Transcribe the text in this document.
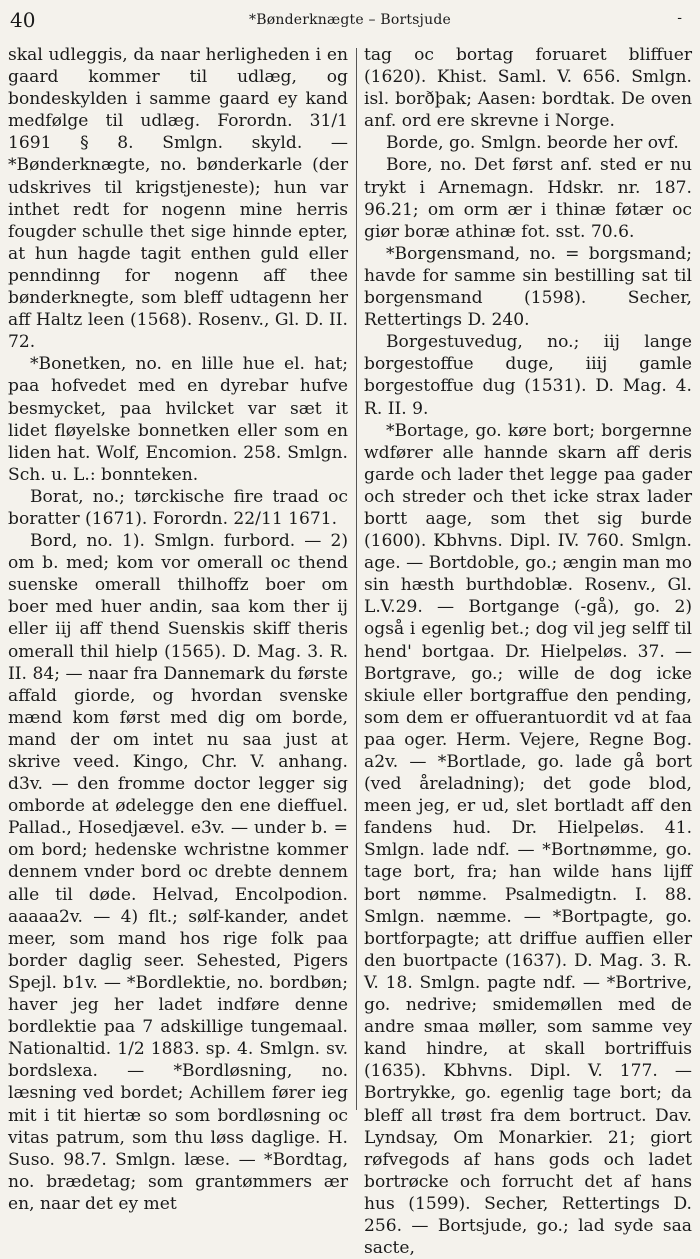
40	*Bønderknægte – Bortsjude	-

skal udleggis, da naar herligheden i en gaard kommer til udlæg, og bondeskylden i samme gaard ey kand medfølge til udlæg. Forordn. 31/1 1691 § 8. Smlgn. skyld. — *Bønderknægte, no. bønderkarle (der udskrives til krigstjeneste); hun var inthet redt for nogenn mine herris fougder schulle thet sige hinnde epter, at hun hagde tagit enthen guld eller penndinng for nogenn aff thee bønderknegte, som bleff udtagenn her aff Haltz leen (1568). Rosenv., Gl. D. II. 72.

*Bonetken, no. en lille hue el. hat; paa hofvedet med en dyrebar hufve besmycket, paa hvilcket var sæt it lidet fløyelske bonnetken eller som en liden hat. Wolf, Encomion. 258. Smlgn. Sch. u. L.: bonnteken.

Borat, no.; tørckische fire traad oc boratter (1671). Forordn. 22/11 1671.

Bord, no. 1). Smlgn. furbord. — 2) om b. med; kom vor omerall oc thend suenske omerall thilhoffz boer om boer med huer andin, saa kom ther ij eller iij aff thend Suenskis skiff theris omerall thil hielp (1565). D. Mag. 3. R. II. 84; — naar fra Dannemark du første affald giorde, og hvordan svenske mænd kom først med dig om borde, mand der om intet nu saa just at skrive veed. Kingo, Chr. V. anhang. d3v. — den fromme doctor legger sig omborde at ødelegge den ene dieffuel. Pallad., Hosedjævel. e3v. — under b. = om bord; hedenske wchristne kommer dennem vnder bord oc drebte dennem alle til døde. Helvad, Encolpodion. aaaaa2v. — 4) flt.; sølf-kander, andet meer, som mand hos rige folk paa border daglig seer. Sehested, Pigers Spejl. b1v. — *Bordlektie, no. bordbøn; haver jeg her ladet indføre denne bordlektie paa 7 adskillige tungemaal. Nationaltid. 1/2 1883. sp. 4. Smlgn. sv. bordslexa. — *Bordløsning, no. læsning ved bordet; Achillem fører ieg mit i tit hiertæ so som bordløsning oc vitas patrum, som thu løss daglige. H. Suso. 98.7. Smlgn. læse. — *Bordtag, no. brædetag; som grantømmers ær en, naar det ey met

tag oc bortag foruaret bliffuer (1620). Khist. Saml. V. 656. Smlgn. isl. borðþak; Aasen: bordtak. De oven anf. ord ere skrevne i Norge.

Borde, go. Smlgn. beorde her ovf.

Bore, no. Det først anf. sted er nu trykt i Arnemagn. Hdskr. nr. 187. 96.21; om orm ær i thinæ føtær oc giør boræ athinæ fot. sst. 70.6.

*Borgensmand, no. = borgsmand; havde for samme sin bestilling sat til borgensmand (1598). Secher, Rettertings D. 240.

Borgestuvedug, no.; iij lange borgestoffue duge, iiij gamle borgestoffue dug (1531). D. Mag. 4. R. II. 9.

*Bortage, go. køre bort; borgernne wdfører alle hannde skarn aff deris garde och lader thet legge paa gader och streder och thet icke strax lader bortt aage, som thet sig burde (1600). Kbhvns. Dipl. IV. 760. Smlgn. age. — Bortdoble, go.; ængin man mo sin hæsth burthdoblæ. Rosenv., Gl. L.V.29. — Bortgange (-gå), go. 2) også i egenlig bet.; dog vil jeg selff til hend' bortgaa. Dr. Hielpeløs. 37. — Bortgrave, go.; wille de dog icke skiule eller bortgraffue den pending, som dem er offuerantuordit vd at faa paa oger. Herm. Vejere, Regne Bog. a2v. — *Bortlade, go. lade gå bort (ved åreladning); det gode blod, meen jeg, er ud, slet bortladt aff den fandens hud. Dr. Hielpeløs. 41. Smlgn. lade ndf. — *Bortnømme, go. tage bort, fra; han wilde hans lijff bort nømme. Psalmedigtn. I. 88. Smlgn. næmme. — *Bortpagte, go. bortforpagte; att driffue auffien eller den buortpacte (1637). D. Mag. 3. R. V. 18. Smlgn. pagte ndf. — *Bortrive, go. nedrive; smidemøllen med de andre smaa møller, som samme vey kand hindre, at skall bortriffuis (1635). Kbhvns. Dipl. V. 177. — Bortrykke, go. egenlig tage bort; da bleff all trøst fra dem bortruct. Dav. Lyndsay, Om Monarkier. 21; giort røfvegods af hans gods och ladet bortrøcke och forrucht det af hans hus (1599). Secher, Rettertings D. 256. — Bortsjude, go.; lad syde saa sacte,
